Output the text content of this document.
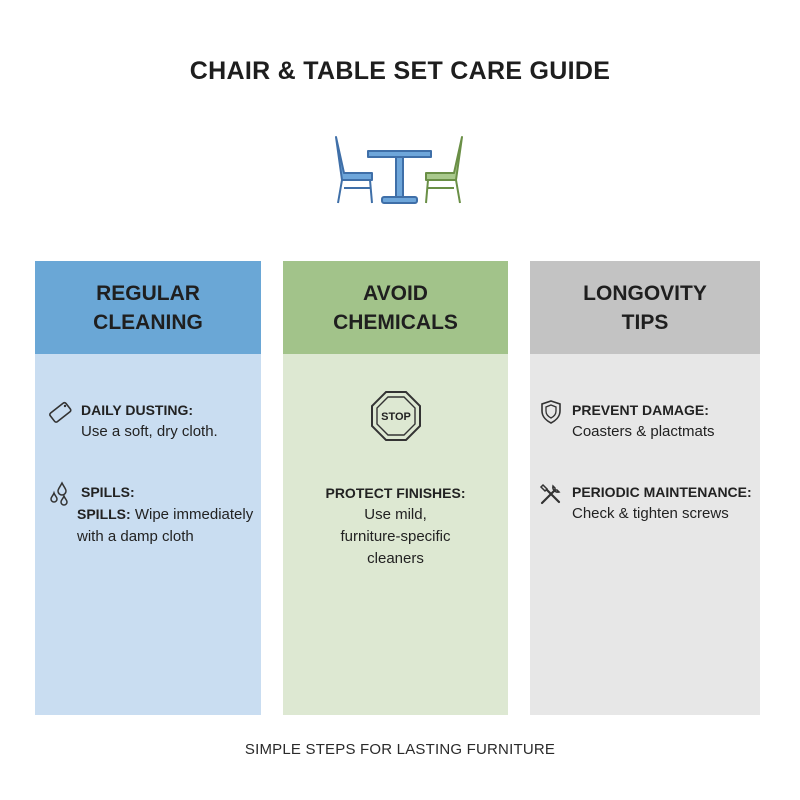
CHAIR & TABLE SET CARE GUIDE
REGULAR
CLEANING
DAILY DUSTING:
Use a soft, dry cloth.
SPILLS:
SPILLS: Wipe immediately with a damp cloth
AVOID
CHEMICALS
STOP
PROTECT FINISHES:
Use mild,
furniture-specific
cleaners
LONGOVITY
TIPS
PREVENT DAMAGE:
Coasters & plactmats
PERIODIC MAINTENANCE:
Check & tighten screws
SIMPLE STEPS FOR LASTING FURNITURE
